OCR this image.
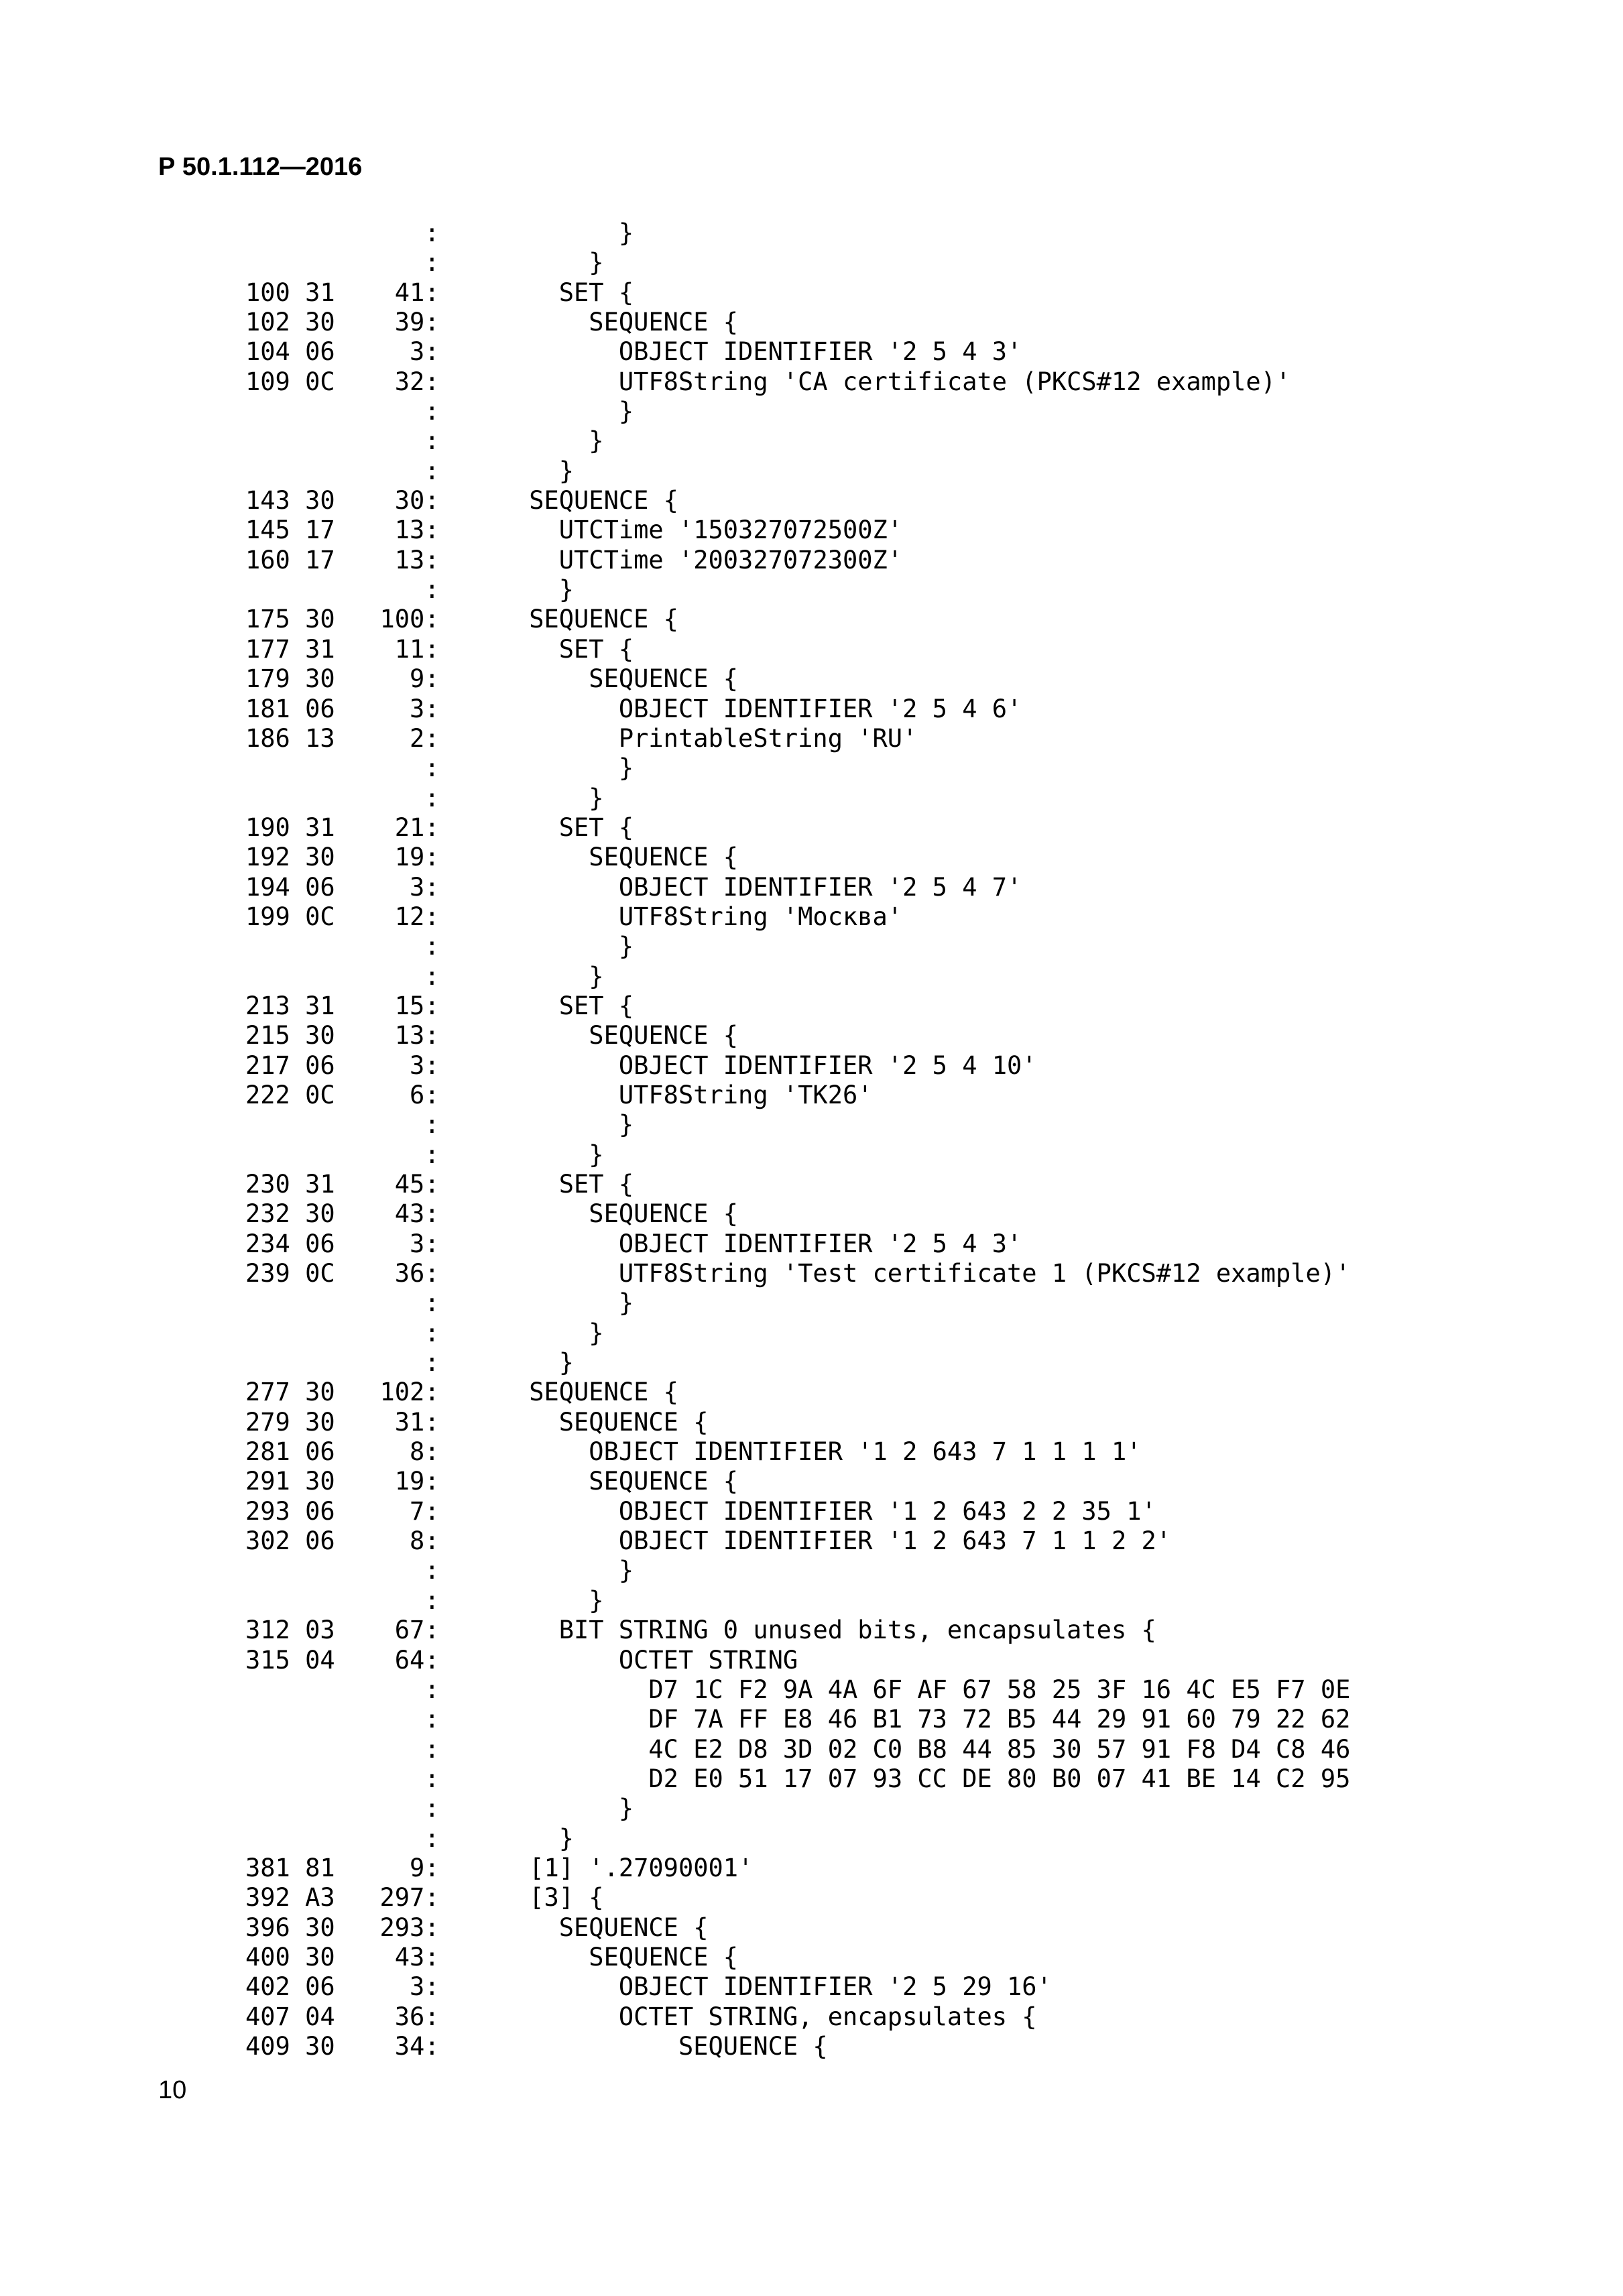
Р 50.1.112—2016
:	}
:	}
100 31 41:	SET {
102 30 39:	SEQUENCE {
104 06	3:	OBJECT IDENTIFIER '2 5 4 3'
109 0C 32:	UTF8String 'CA certificate (PKCS#12 example)'
:	}
:	}
:	}
143 30 30:	SEQUENCE {
145 17 13:	UTCTime '150327072500Z'
160 17 13:	UTCTime '200327072300Z'
:	}
175 30 100:	SEQUENCE {
177 31 11:	SET {
179 30	9:	SEQUENCE {
181 06	3:	OBJECT IDENTIFIER '2 5 4 6'
186 13	2:	PrintableString 'RU'
:	}
:	}
190 31 21:	SET {
192 30 19:	SEQUENCE {
194 06	3:	OBJECT IDENTIFIER '2 5 4 7'
199 0C 12:	UTF8String 'Москва'
:	}
:	}
213 31 15:	SET {
215 30 13:	SEQUENCE {
217 06	3:	OBJECT IDENTIFIER '2 5 4 10'
222 0C	6:	UTF8String 'TK26'
:	}
:	}
230 31 45:	SET {
232 30 43:	SEQUENCE {
234 06	3:	OBJECT IDENTIFIER '2 5 4 3'
239 0C 36:	UTF8String 'Test certificate 1 (PKCS#12 example)'
:	}
:	}
:	}
277 30 102:	SEQUENCE {
279 30 31:	SEQUENCE {
281 06	8:	OBJECT IDENTIFIER '1 2 643 7 1 1 1 1'
291 30 19:	SEQUENCE {
293 06	7:	OBJECT IDENTIFIER '1 2 643 2 2 35 1'
302 06	8:	OBJECT IDENTIFIER '1 2 643 7 1 1 2 2'
:	}
:	}
312 03 67:	BIT STRING 0 unused bits, encapsulates {
315 04 64:	OCTET STRING
:	D7 1C F2 9A 4A 6F AF 67 58 25 3F 16 4C E5 F7 0E
:	DF 7A FF E8 46 B1 73 72 B5 44 29 91 60 79 22 62
:	4C E2 D8 3D 02 C0 B8 44 85 30 57 91 F8 D4 C8 46
:	D2 E0 51 17 07 93 CC DE 80 B0 07 41 BE 14 C2 95
:	}
:	}
381 81	9:	[1] '.27090001'
392 A3 297:	[3] {
396 30 293:	SEQUENCE {
400 30 43:	SEQUENCE {
402 06	3:	OBJECT IDENTIFIER '2 5 29 16'
407 04 36:	OCTET STRING, encapsulates {
409 30 34:	SEQUENCE {
10
